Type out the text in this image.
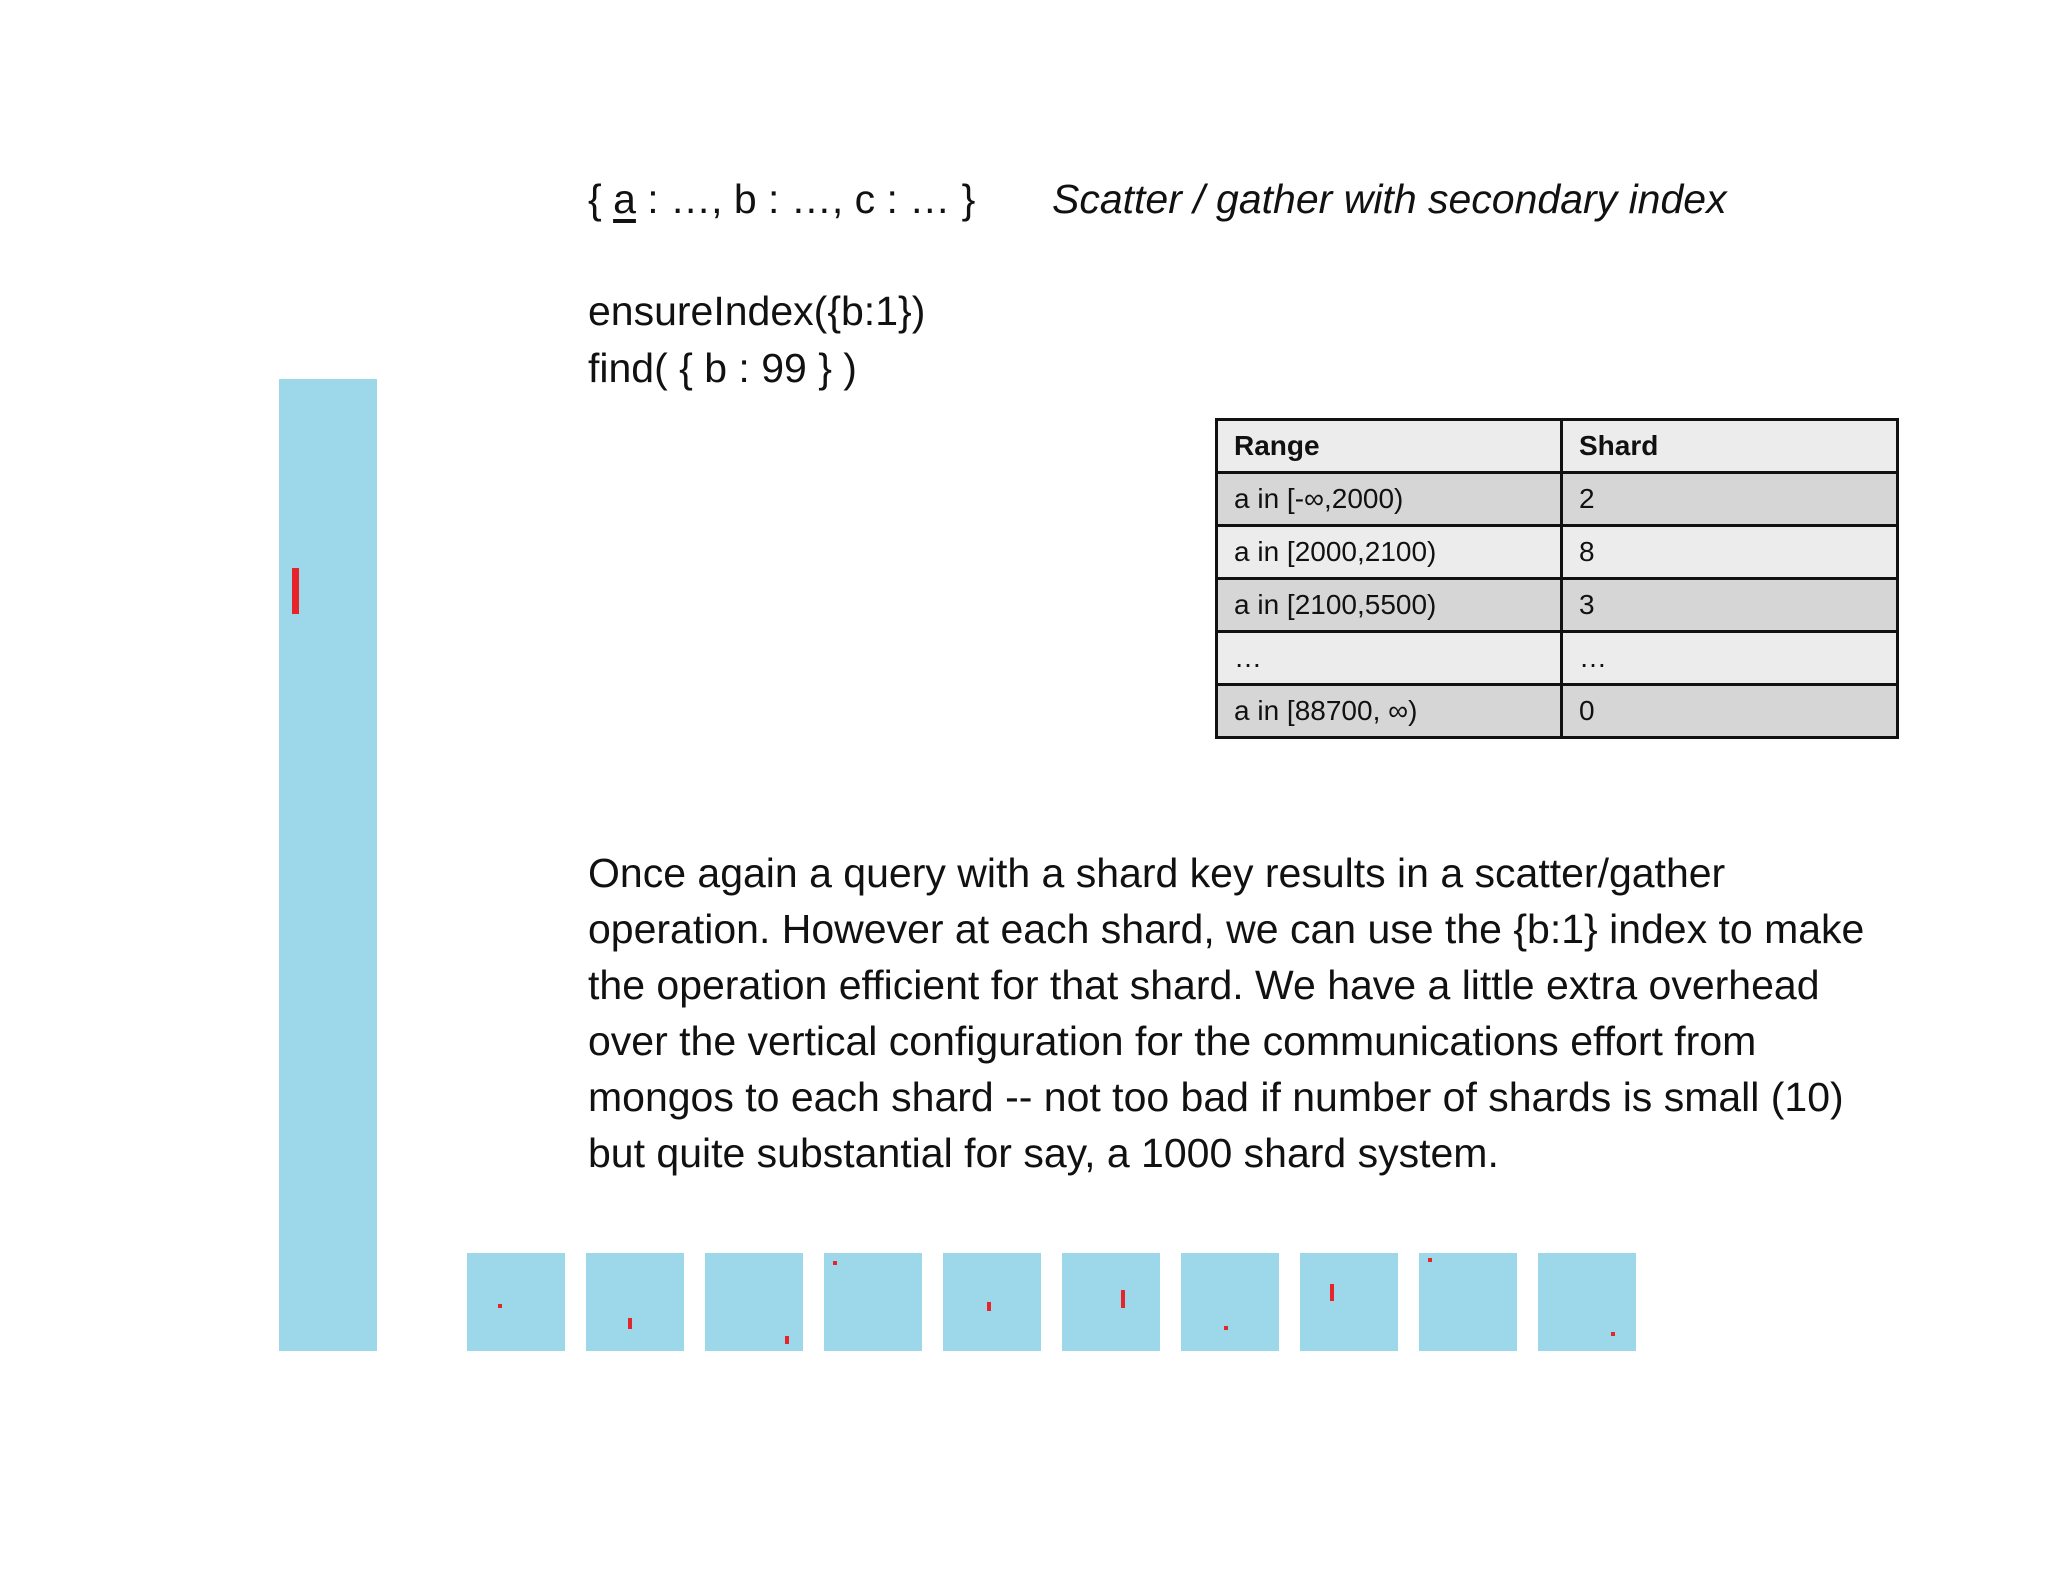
{ a : …, b : …, c : … } Scatter / gather with secondary index
ensureIndex({b:1})
find( { b : 99 } )
Range	Shard
a in [-∞,2000)	2
a in [2000,2100)	8
a in [2100,5500)	3
…	…
a in [88700, ∞)	0

Once again a query with a shard key results in a scatter/gather operation. However at each shard, we can use the {b:1} index to make the operation efficient for that shard. We have a little extra overhead over the vertical configuration for the communications effort from mongos to each shard -- not too bad if number of shards is small (10) but quite substantial for say, a 1000 shard system.
